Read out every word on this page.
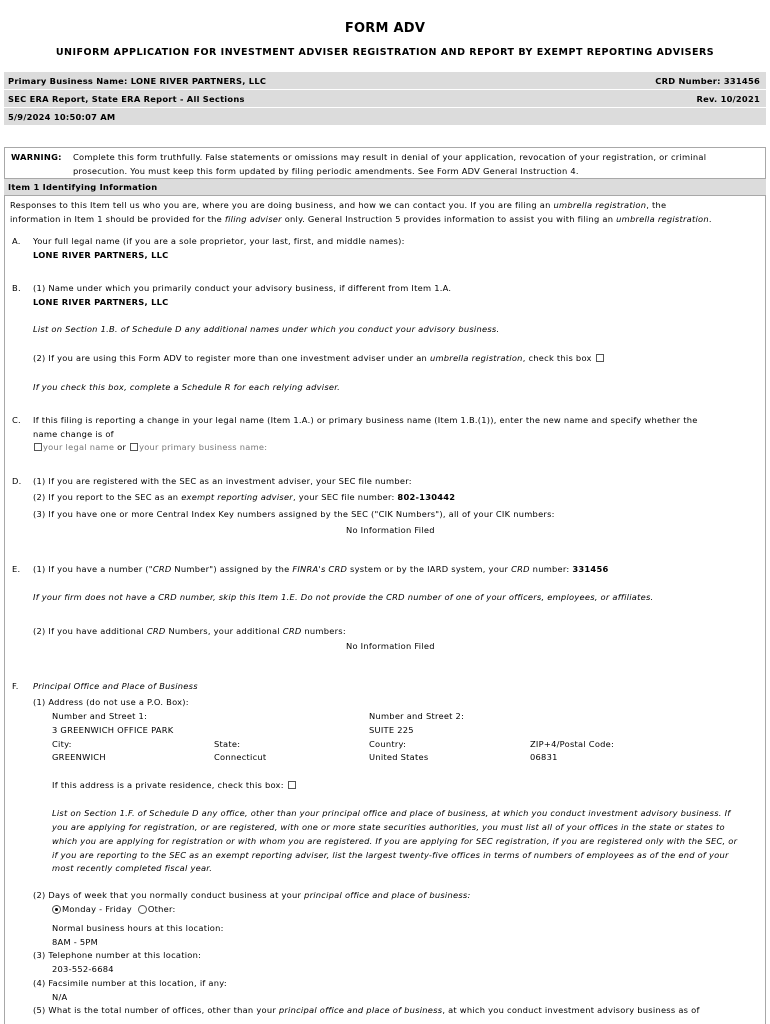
FORM ADV
UNIFORM APPLICATION FOR INVESTMENT ADVISER REGISTRATION AND REPORT BY EXEMPT REPORTING ADVISERS
Primary Business Name: LONE RIVER PARTNERS, LLC	CRD Number: 331456
SEC ERA Report, State ERA Report - All Sections	Rev. 10/2021
5/9/2024 10:50:07 AM
WARNING: Complete this form truthfully. False statements or omissions may result in denial of your application, revocation of your registration, or criminal
prosecution. You must keep this form updated by filing periodic amendments. See Form ADV General Instruction 4.
Item 1 Identifying Information
Responses to this Item tell us who you are, where you are doing business, and how we can contact you. If you are filing an umbrella registration, the
information in Item 1 should be provided for the filing adviser only. General Instruction 5 provides information to assist you with filing an umbrella registration.
A. Your full legal name (if you are a sole proprietor, your last, first, and middle names):
LONE RIVER PARTNERS, LLC
B. (1) Name under which you primarily conduct your advisory business, if different from Item 1.A.
LONE RIVER PARTNERS, LLC
List on Section 1.B. of Schedule D any additional names under which you conduct your advisory business.
(2) If you are using this Form ADV to register more than one investment adviser under an umbrella registration, check this box
If you check this box, complete a Schedule R for each relying adviser.
C. If this filing is reporting a change in your legal name (Item 1.A.) or primary business name (Item 1.B.(1)), enter the new name and specify whether the
name change is of
your legal name or your primary business name:
D. (1) If you are registered with the SEC as an investment adviser, your SEC file number:
(2) If you report to the SEC as an exempt reporting adviser, your SEC file number: 802-130442
(3) If you have one or more Central Index Key numbers assigned by the SEC ("CIK Numbers"), all of your CIK numbers:
No Information Filed
E. (1) If you have a number ("CRD Number") assigned by the FINRA's CRD system or by the IARD system, your CRD number: 331456
If your firm does not have a CRD number, skip this Item 1.E. Do not provide the CRD number of one of your officers, employees, or affiliates.
(2) If you have additional CRD Numbers, your additional CRD numbers:
No Information Filed
F. Principal Office and Place of Business
(1) Address (do not use a P.O. Box):
Number and Street 1:	Number and Street 2:
3 GREENWICH OFFICE PARK	SUITE 225
City:	State:	Country:	ZIP+4/Postal Code:
GREENWICH	Connecticut	United States	06831
If this address is a private residence, check this box:
List on Section 1.F. of Schedule D any office, other than your principal office and place of business, at which you conduct investment advisory business. If
you are applying for registration, or are registered, with one or more state securities authorities, you must list all of your offices in the state or states to
which you are applying for registration or with whom you are registered. If you are applying for SEC registration, if you are registered only with the SEC, or
if you are reporting to the SEC as an exempt reporting adviser, list the largest twenty-five offices in terms of numbers of employees as of the end of your
most recently completed fiscal year.
(2) Days of week that you normally conduct business at your principal office and place of business:
Monday - Friday Other:
Normal business hours at this location:
8AM - 5PM
(3) Telephone number at this location:
203-552-6684
(4) Facsimile number at this location, if any:
N/A
(5) What is the total number of offices, other than your principal office and place of business, at which you conduct investment advisory business as of
